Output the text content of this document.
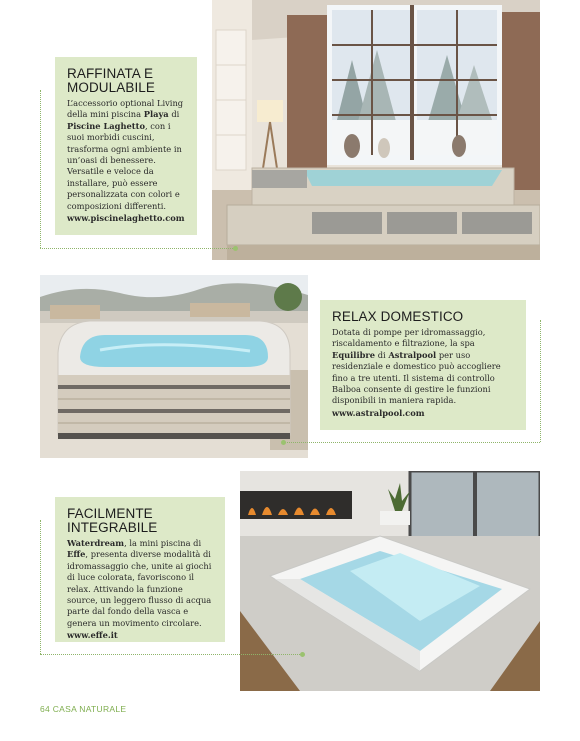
RAFFINATA E MODULABILE

L’accessorio optional Living della mini piscina Playa di Piscine Laghetto, con i suoi morbidi cuscini, trasforma ogni ambiente in un’oasi di benessere. Versatile e veloce da installare, può essere personalizzata con colori e composizioni differenti.
www.piscinelaghetto.com

RELAX DOMESTICO

Dotata di pompe per idromassaggio, riscaldamento e filtrazione, la spa Equilibre di Astralpool per uso residenziale e domestico può accogliere fino a tre utenti. Il sistema di controllo Balboa consente di gestire le funzioni disponibili in maniera rapida.
www.astralpool.com

FACILMENTE INTEGRABILE

Waterdream, la mini piscina di Effe, presenta diverse modalità di idromassaggio che, unite ai giochi di luce colorata, favoriscono il relax. Attivando la funzione source, un leggero flusso di acqua parte dal fondo della vasca e genera un movimento circolare.
www.effe.it

64 CASA NATURALE
